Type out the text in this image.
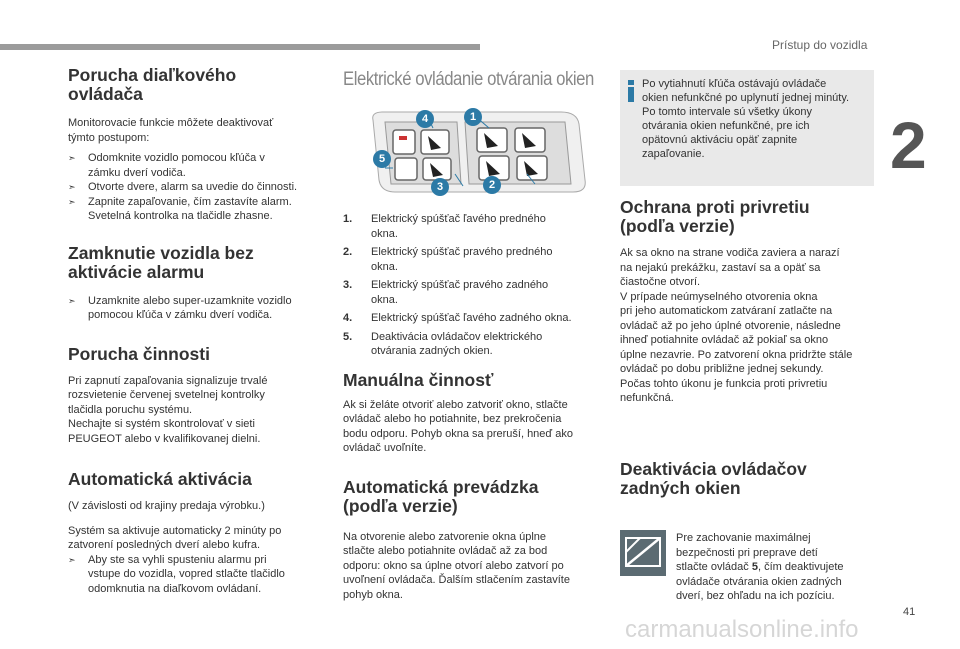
Prístup do vozidla
2
Porucha diaľkového
ovládača

Monitorovacie funkcie môžete deaktivovať
týmto postupom:

➣ Odomknite vozidlo pomocou kľúča v
zámku dverí vodiča.
➣ Otvorte dvere, alarm sa uvedie do činnosti.
➣ Zapnite zapaľovanie, čím zastavíte alarm.
Svetelná kontrolka na tlačidle zhasne.
Zamknutie vozidla bez
aktivácie alarmu
➣ Uzamknite alebo super-uzamknite vozidlo
pomocou kľúča v zámku dverí vodiča.
Porucha činnosti

Pri zapnutí zapaľovania signalizuje trvalé
rozsvietenie červenej svetelnej kontrolky
tlačidla poruchu systému.
Nechajte si systém skontrolovať v sieti
PEUGEOT alebo v kvalifikovanej dielni.

Automatická aktivácia

(V závislosti od krajiny predaja výrobku.)

Systém sa aktivuje automaticky 2 minúty po
zatvorení posledných dverí alebo kufra.

➣ Aby ste sa vyhli spusteniu alarmu pri
vstupe do vozidla, vopred stlačte tlačidlo
odomknutia na diaľkovom ovládaní.
Elektrické ovládanie otvárania okien
1
2
3
4
5
1. Elektrický spúšťač ľavého predného
okna.
2. Elektrický spúšťač pravého predného
okna.
3. Elektrický spúšťač pravého zadného
okna.
4. Elektrický spúšťač ľavého zadného okna.
5. Deaktivácia ovládačov elektrického
otvárania zadných okien.
Manuálna činnosť

Ak si želáte otvoriť alebo zatvoriť okno, stlačte
ovládač alebo ho potiahnite, bez prekročenia
bodu odporu. Pohyb okna sa preruší, hneď ako
ovládač uvoľníte.

Automatická prevádzka
(podľa verzie)

Na otvorenie alebo zatvorenie okna úplne
stlačte alebo potiahnite ovládač až za bod
odporu: okno sa úplne otvorí alebo zatvorí po
uvoľnení ovládača. Ďalším stlačením zastavíte
pohyb okna.

Po vytiahnutí kľúča ostávajú ovládače
okien nefunkčné po uplynutí jednej minúty.
Po tomto intervale sú všetky úkony
otvárania okien nefunkčné, pre ich
opätovnú aktiváciu opäť zapnite
zapaľovanie.
Ochrana proti privretiu
(podľa verzie)

Ak sa okno na strane vodiča zaviera a narazí
na nejakú prekážku, zastaví sa a opäť sa
čiastočne otvorí.
V prípade neúmyselného otvorenia okna
pri jeho automatickom zatváraní zatlačte na
ovládač až po jeho úplné otvorenie, následne
ihneď potiahnite ovládač až pokiaľ sa okno
úplne nezavrie. Po zatvorení okna pridržte stále
ovládač po dobu približne jednej sekundy.
Počas tohto úkonu je funkcia proti privretiu
nefunkčná.

Deaktivácia ovládačov
zadných okien

Pre zachovanie maximálnej
bezpečnosti pri preprave detí
stlačte ovládač 5, čím deaktivujete
ovládače otvárania okien zadných
dverí, bez ohľadu na ich pozíciu.

41
carmanualsonline.info
